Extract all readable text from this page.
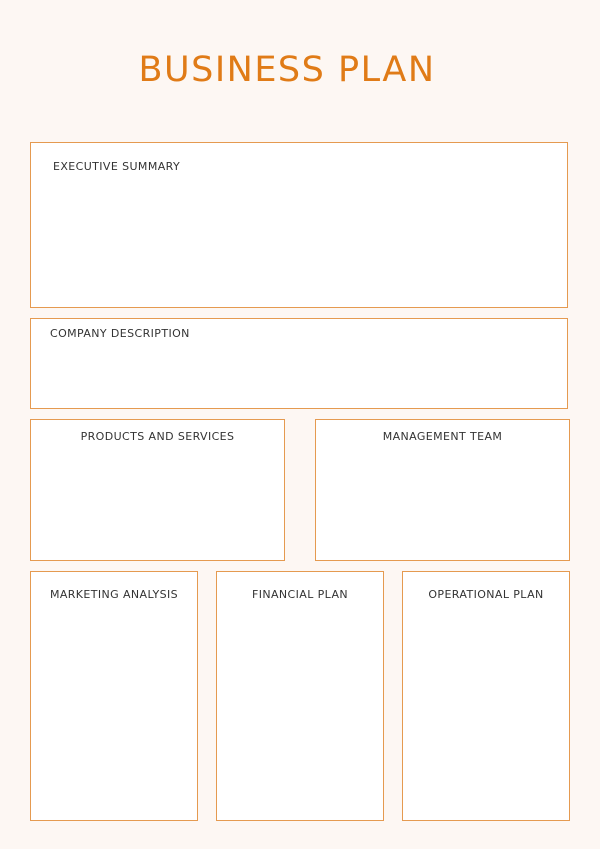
BUSINESS PLAN
EXECUTIVE SUMMARY
COMPANY DESCRIPTION
PRODUCTS AND SERVICES	MANAGEMENT TEAM
MARKETING ANALYSIS	FINANCIAL PLAN	OPERATIONAL PLAN
